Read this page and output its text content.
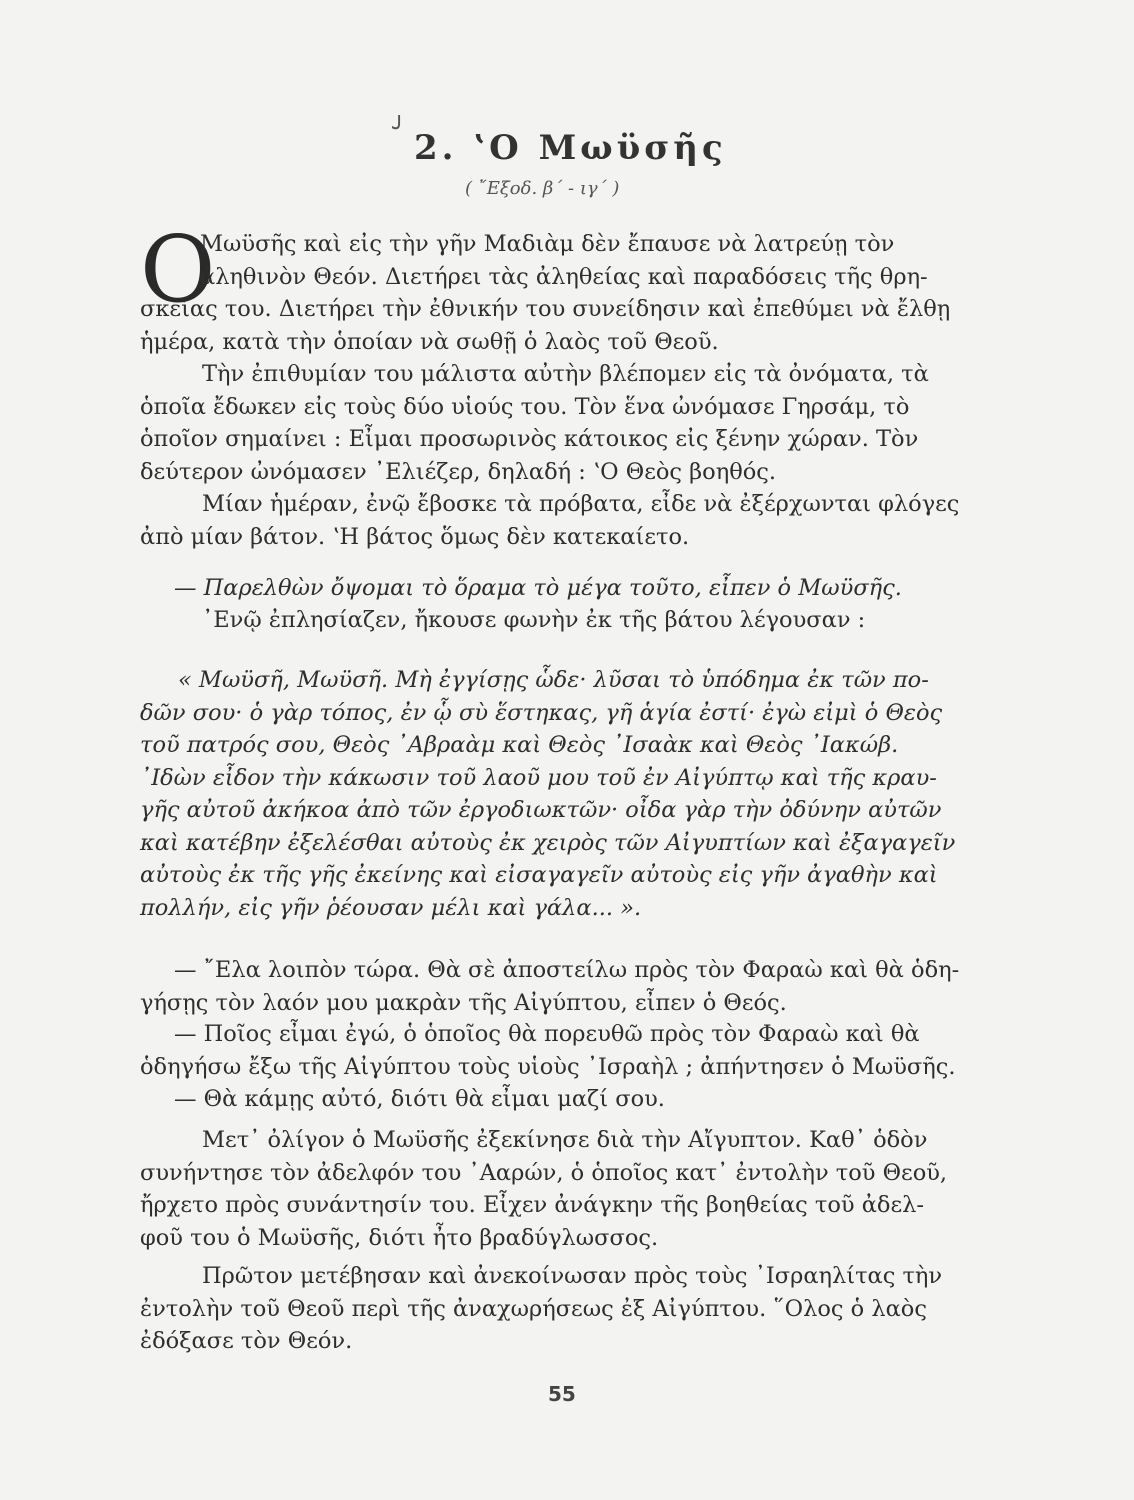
ᴊ
2. ʽΟ Μωϋσῆς
( ῎Εξοδ. β΄ - ιγ΄ )
Ο
Μωϋσῆς καὶ εἰς τὴν γῆν Μαδιὰμ δὲν ἔπαυσε νὰ λατρεύῃ τὸν
ἀληθινὸν Θεόν. Διετήρει τὰς ἀληθείας καὶ παραδόσεις τῆς θρη-
σκείας του. Διετήρει τὴν ἐθνικήν του συνείδησιν καὶ ἐπεθύμει νὰ ἔλθῃ
ἡμέρα, κατὰ τὴν ὁποίαν νὰ σωθῇ ὁ λαὸς τοῦ Θεοῦ.
Τὴν ἐπιθυμίαν του μάλιστα αὐτὴν βλέπομεν εἰς τὰ ὀνόματα, τὰ
ὁποῖα ἔδωκεν εἰς τοὺς δύο υἱούς του. Τὸν ἕνα ὠνόμασε Γηρσάμ, τὸ
ὁποῖον σημαίνει : Εἶμαι προσωρινὸς κάτοικος εἰς ξένην χώραν. Τὸν
δεύτερον ὠνόμασεν ᾿Ελιέζερ, δηλαδή : ʽΟ Θεὸς βοηθός.
Μίαν ἡμέραν, ἐνῷ ἔβοσκε τὰ πρόβατα, εἶδε νὰ ἐξέρχωνται φλόγες
ἀπὸ μίαν βάτον. ʽΗ βάτος ὅμως δὲν κατεκαίετο.
— Παρελθὼν ὄψομαι τὸ ὅραμα τὸ μέγα τοῦτο, εἶπεν ὁ Μωϋσῆς.
᾿Ενῷ ἐπλησίαζεν, ἤκουσε φωνὴν ἐκ τῆς βάτου λέγουσαν :
« Μωϋσῆ, Μωϋσῆ. Μὴ ἐγγίσῃς ὧδε· λῦσαι τὸ ὑπόδημα ἐκ τῶν πο-
δῶν σου· ὁ γὰρ τόπος, ἐν ᾧ σὺ ἕστηκας, γῆ ἁγία ἐστί· ἐγὼ εἰμὶ ὁ Θεὸς
τοῦ πατρός σου, Θεὸς ᾿Αβραὰμ καὶ Θεὸς ᾿Ισαὰκ καὶ Θεὸς ᾿Ιακώβ.
᾿Ιδὼν εἶδον τὴν κάκωσιν τοῦ λαοῦ μου τοῦ ἐν Αἰγύπτῳ καὶ τῆς κραυ-
γῆς αὐτοῦ ἀκήκοα ἀπὸ τῶν ἐργοδιωκτῶν· οἶδα γὰρ τὴν ὀδύνην αὐτῶν
καὶ κατέβην ἐξελέσθαι αὐτοὺς ἐκ χειρὸς τῶν Αἰγυπτίων καὶ ἐξαγαγεῖν
αὐτοὺς ἐκ τῆς γῆς ἐκείνης καὶ εἰσαγαγεῖν αὐτοὺς εἰς γῆν ἀγαθὴν καὶ
πολλήν, εἰς γῆν ῥέουσαν μέλι καὶ γάλα... ».
— ῎Ελα λοιπὸν τώρα. Θὰ σὲ ἀποστείλω πρὸς τὸν Φαραὼ καὶ θὰ ὁδη-
γήσῃς τὸν λαόν μου μακρὰν τῆς Αἰγύπτου, εἶπεν ὁ Θεός.
— Ποῖος εἶμαι ἐγώ, ὁ ὁποῖος θὰ πορευθῶ πρὸς τὸν Φαραὼ καὶ θὰ
ὁδηγήσω ἔξω τῆς Αἰγύπτου τοὺς υἱοὺς ᾿Ισραὴλ ; ἀπήντησεν ὁ Μωϋσῆς.
— Θὰ κάμῃς αὐτό, διότι θὰ εἶμαι μαζί σου.
Μετ᾿ ὀλίγον ὁ Μωϋσῆς ἐξεκίνησε διὰ τὴν Αἴγυπτον. Καθ᾿ ὁδὸν
συνήντησε τὸν ἀδελφόν του ᾿Ααρών, ὁ ὁποῖος κατ᾿ ἐντολὴν τοῦ Θεοῦ,
ἤρχετο πρὸς συνάντησίν του. Εἶχεν ἀνάγκην τῆς βοηθείας τοῦ ἀδελ-
φοῦ του ὁ Μωϋσῆς, διότι ἦτο βραδύγλωσσος.
Πρῶτον μετέβησαν καὶ ἀνεκοίνωσαν πρὸς τοὺς ᾿Ισραηλίτας τὴν
ἐντολὴν τοῦ Θεοῦ περὶ τῆς ἀναχωρήσεως ἐξ Αἰγύπτου. ῞Ολος ὁ λαὸς
ἐδόξασε τὸν Θεόν.
55
